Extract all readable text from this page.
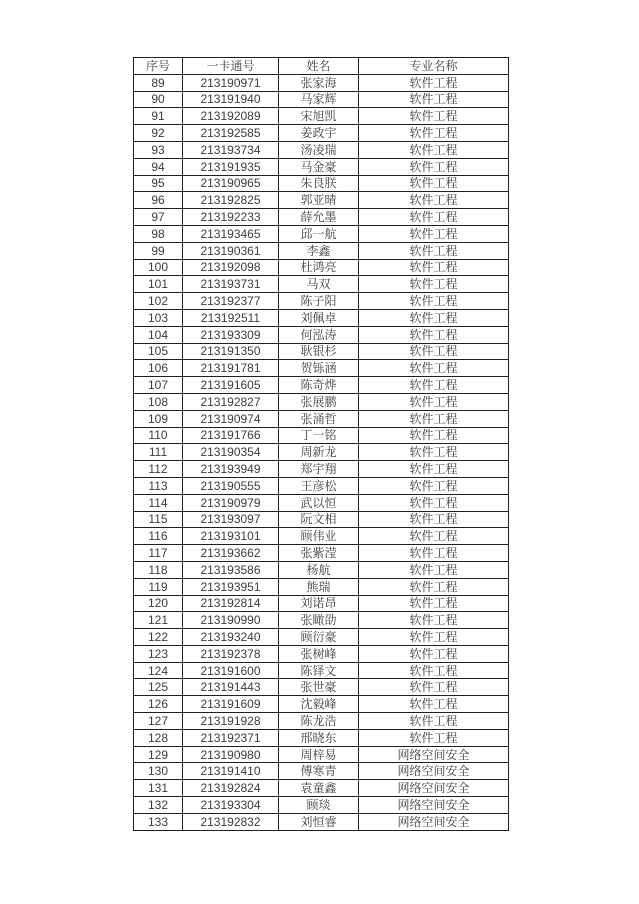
序号	一卡通号	姓名	专业名称
89	213190971	张家海	软件工程
90	213191940	马家辉	软件工程
91	213192089	宋旭凯	软件工程
92	213192585	姜政宇	软件工程
93	213193734	汤凌瑞	软件工程
94	213191935	马金豪	软件工程
95	213190965	朱良朕	软件工程
96	213192825	郭亚晴	软件工程
97	213192233	薛允墨	软件工程
98	213193465	邱一航	软件工程
99	213190361	李鑫	软件工程
100	213192098	杜鸿亮	软件工程
101	213193731	马双	软件工程
102	213192377	陈子阳	软件工程
103	213192511	刘佩卓	软件工程
104	213193309	何泓涛	软件工程
105	213191350	耿银杉	软件工程
106	213191781	贺铄涵	软件工程
107	213191605	陈奇烨	软件工程
108	213192827	张展鹏	软件工程
109	213190974	张涌哲	软件工程
110	213191766	丁一铭	软件工程
111	213190354	周新龙	软件工程
112	213193949	郑宇翔	软件工程
113	213190555	王彦松	软件工程
114	213190979	武以恒	软件工程
115	213193097	阮文相	软件工程
116	213193101	顾伟业	软件工程
117	213193662	张紫滢	软件工程
118	213193586	杨航	软件工程
119	213193951	熊瑞	软件工程
120	213192814	刘诺昂	软件工程
121	213190990	张瞰劭	软件工程
122	213193240	顾衍豪	软件工程
123	213192378	张树峰	软件工程
124	213191600	陈铎文	软件工程
125	213191443	张世豪	软件工程
126	213191609	沈毅峰	软件工程
127	213191928	陈龙浩	软件工程
128	213192371	邢晓东	软件工程
129	213190980	周梓易	网络空间安全
130	213191410	傅寒青	网络空间安全
131	213192824	袁童鑫	网络空间安全
132	213193304	顾琰	网络空间安全
133	213192832	刘恒睿	网络空间安全
